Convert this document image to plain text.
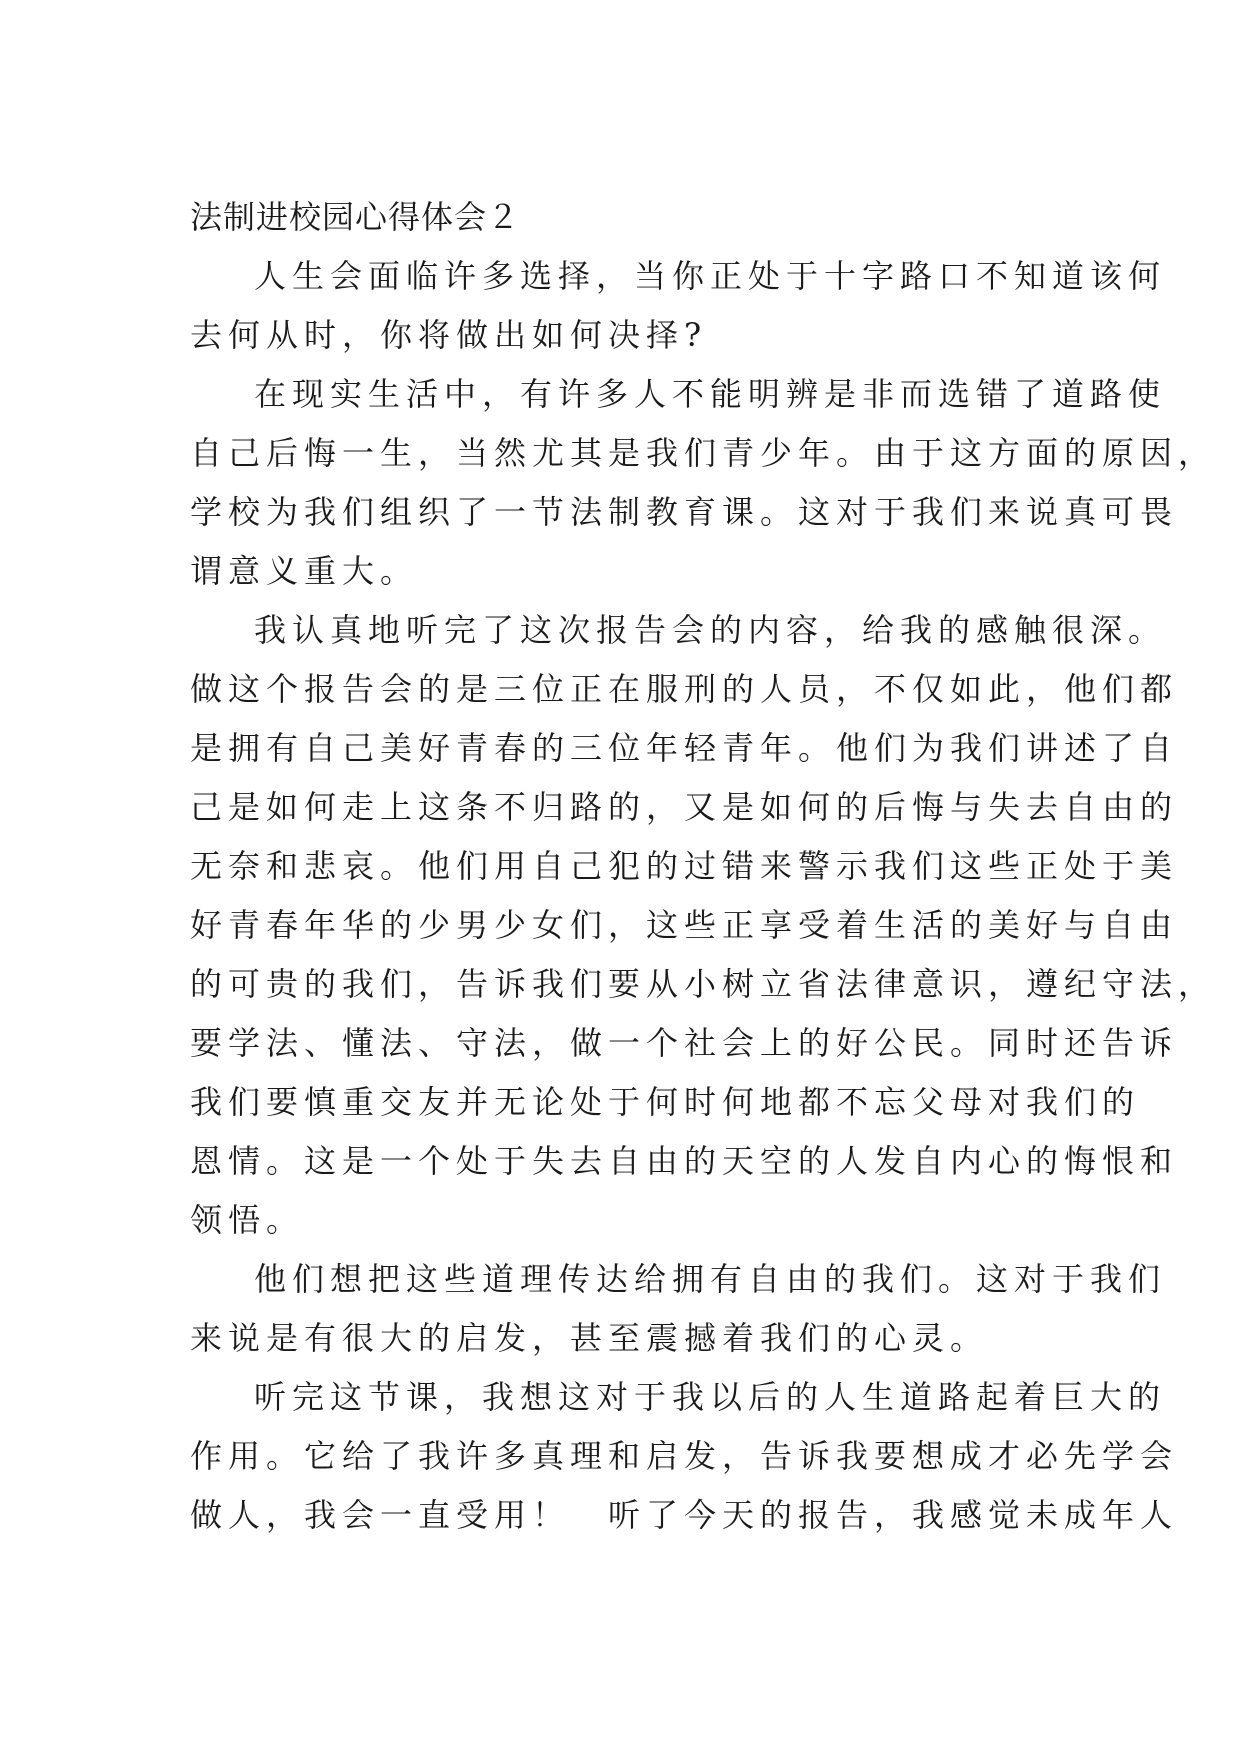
法制进校园心得体会２

人生会面临许多选择，当你正处于十字路口不知道该何
去何从时，你将做出如何决择?

在现实生活中，有许多人不能明辨是非而选错了道路使
自己后悔一生，当然尤其是我们青少年。由于这方面的原因，
学校为我们组织了一节法制教育课。这对于我们来说真可畏
谓意义重大。

我认真地听完了这次报告会的内容，给我的感触很深。
做这个报告会的是三位正在服刑的人员，不仅如此，他们都
是拥有自己美好青春的三位年轻青年。他们为我们讲述了自
己是如何走上这条不归路的，又是如何的后悔与失去自由的
无奈和悲哀。他们用自己犯的过错来警示我们这些正处于美
好青春年华的少男少女们，这些正享受着生活的美好与自由
的可贵的我们，告诉我们要从小树立省法律意识，遵纪守法，
要学法、懂法、守法，做一个社会上的好公民。同时还告诉
我们要慎重交友并无论处于何时何地都不忘父母对我们的
恩情。这是一个处于失去自由的天空的人发自内心的悔恨和
领悟。

他们想把这些道理传达给拥有自由的我们。这对于我们
来说是有很大的启发，甚至震撼着我们的心灵。

听完这节课，我想这对于我以后的人生道路起着巨大的
作用。它给了我许多真理和启发，告诉我要想成才必先学会
做人，我会一直受用！　听了今天的报告，我感觉未成年人
